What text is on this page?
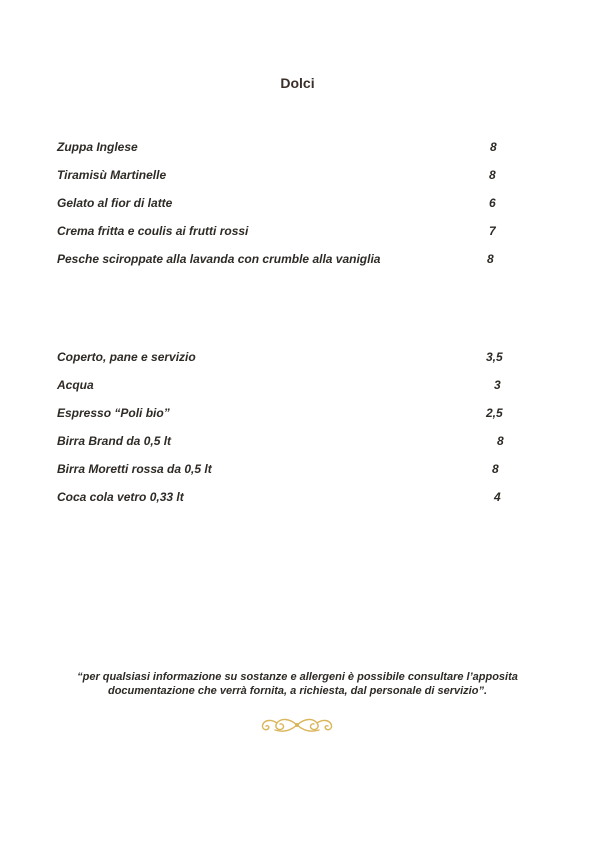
Dolci
Zuppa Inglese	8
Tiramisù Martinelle	8
Gelato al fior di latte	6
Crema fritta e coulis ai frutti rossi	7
Pesche sciroppate alla lavanda con crumble alla vaniglia	8
Coperto, pane e servizio	3,5
Acqua	3
Espresso “Poli bio”	2,5
Birra Brand da 0,5 lt	8
Birra Moretti rossa da 0,5 lt	8
Coca cola vetro 0,33 lt	4
“per qualsiasi informazione su sostanze e allergeni è possibile consultare l’apposita
documentazione che verrà fornita, a richiesta, dal personale di servizio”.
